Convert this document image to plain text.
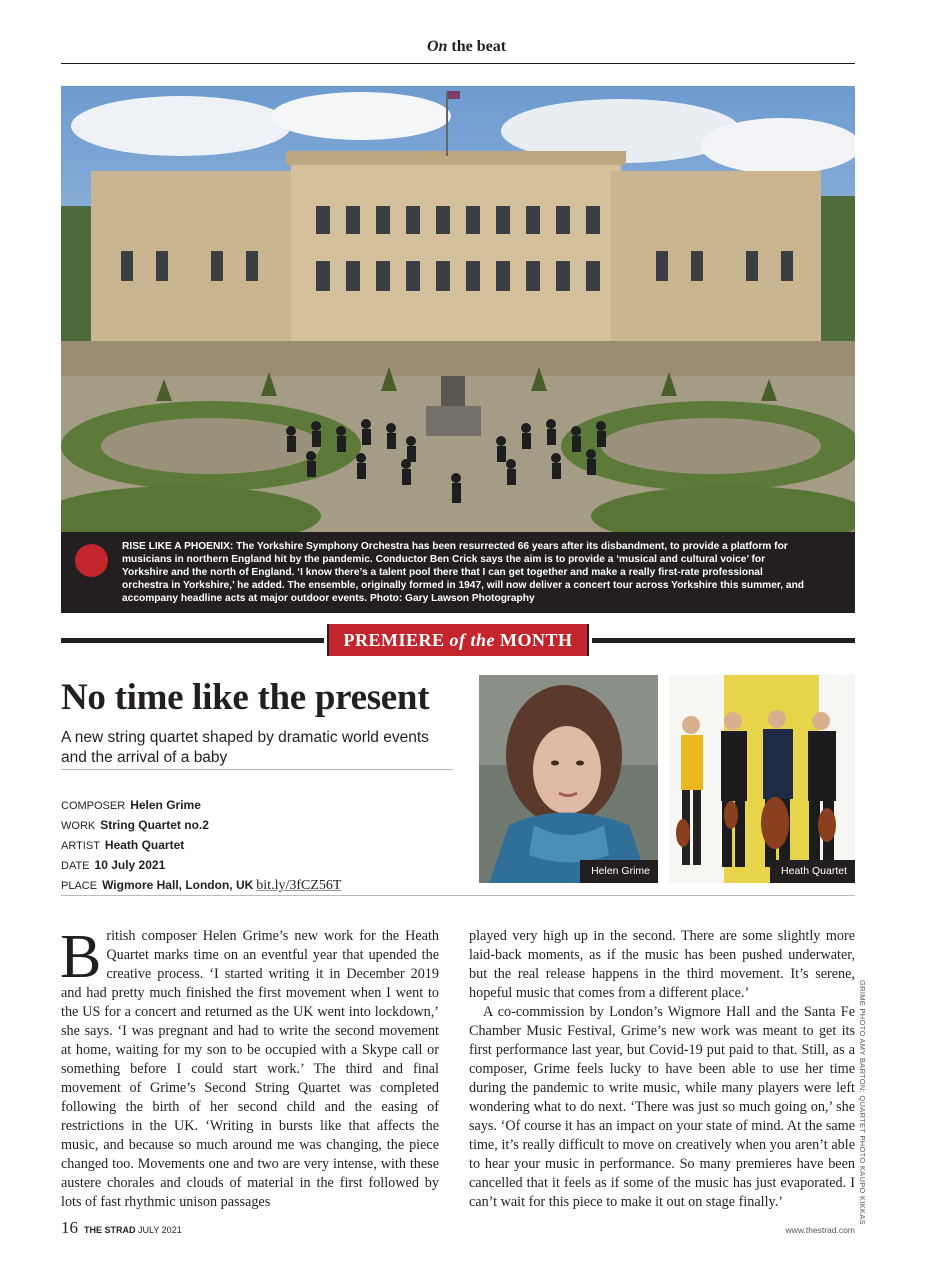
On the beat
RISE LIKE A PHOENIX: The Yorkshire Symphony Orchestra has been resurrected 66 years after its disbandment, to provide a platform for musicians in northern England hit by the pandemic. Conductor Ben Crick says the aim is to provide a ‘musical and cultural voice’ for Yorkshire and the north of England. ‘I know there’s a talent pool there that I can get together and make a really first-rate professional orchestra in Yorkshire,’ he added. The ensemble, originally formed in 1947, will now deliver a concert tour across Yorkshire this summer, and accompany headline acts at major outdoor events. Photo: Gary Lawson Photography
PREMIERE of the MONTH
No time like the present
A new string quartet shaped by dramatic world events and the arrival of a baby
COMPOSER Helen Grime
WORK String Quartet no.2
ARTIST Heath Quartet
DATE 10 July 2021
PLACE Wigmore Hall, London, UK bit.ly/3fCZ56T
Helen Grime	Heath Quartet

British composer Helen Grime’s new work for the Heath Quartet marks time on an eventful year that upended the creative process. ‘I started writing it in December 2019 and had pretty much finished the first movement when I went to the US for a concert and returned as the UK went into lockdown,’ she says. ‘I was pregnant and had to write the second movement at home, waiting for my son to be occupied with a Skype call or something before I could start work.’ The third and final movement of Grime’s Second String Quartet was completed following the birth of her second child and the easing of restrictions in the UK. ‘Writing in bursts like that affects the music, and because so much around me was changing, the piece changed too. Movements one and two are very intense, with these austere chorales and clouds of material in the first followed by lots of fast rhythmic unison passages

played very high up in the second. There are some slightly more laid-back moments, as if the music has been pushed underwater, but the real release happens in the third movement. It’s serene, hopeful music that comes from a different place.’

A co-commission by London’s Wigmore Hall and the Santa Fe Chamber Music Festival, Grime’s new work was meant to get its first performance last year, but Covid-19 put paid to that. Still, as a composer, Grime feels lucky to have been able to use her time during the pandemic to write music, while many players were left wondering what to do next. ‘There was just so much going on,’ she says. ‘Of course it has an impact on your state of mind. At the same time, it’s really difficult to move on creatively when you aren’t able to hear your music in performance. So many premieres have been cancelled that it feels as if some of the music has just evaporated. I can’t wait for this piece to make it out on stage finally.’	GRIME PHOTO AMY BARTON; QUARTET PHOTO KAUPO KIKKAS
16 THE STRAD JULY 2021	www.thestrad.com
